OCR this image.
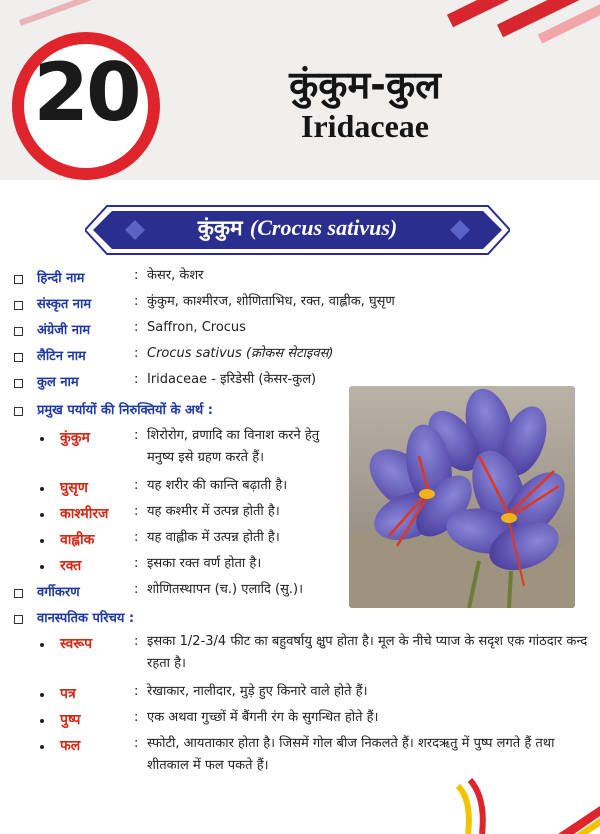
20	कुंकुम-कुल
Iridaceae
कुंकुम (Crocus sativus)
हिन्दी नाम	: केसर, केशर
संस्कृत नाम	: कुंकुम, काश्मीरज, शोणिताभिध, रक्त, वाह्लीक, घुसृण
अंग्रेजी नाम	: Saffron, Crocus
लैटिन नाम	: Crocus sativus (क्रोकस सेटाइवस)
कुल नाम	: Iridaceae - इरिडेसी (केसर-कुल)
प्रमुख पर्यायों की निरुक्तियों के अर्थ :
कुंकुम	: शिरोरोग, व्रणादि का विनाश करने हेतु मनुष्य इसे ग्रहण करते हैं।
घुसृण	: यह शरीर की कान्ति बढ़ाती है।
काश्मीरज : यह कश्मीर में उत्पन्न होती है।
वाह्लीक	: यह वाह्लीक में उत्पन्न होती है।
रक्त	: इसका रक्त वर्ण होता है।
वर्गीकरण	: शोणितस्थापन (च.) एलादि (सु.)।
वानस्पतिक परिचय :
स्वरूप	: इसका 1/2-3/4 फीट का बहुवर्षायु क्षुप होता है। मूल के नीचे प्याज के सदृश एक गांठदार कन्द रहता है।
पत्र	: रेखाकार, नालीदार, मुड़े हुए किनारे वाले होते हैं।
पुष्प	: एक अथवा गुच्छों में बैंगनी रंग के सुगन्धित होते हैं।
फल	: स्फोटी, आयताकार होता है। जिसमें गोल बीज निकलते हैं। शरदऋतु में पुष्प लगते हैं तथा शीतकाल में फल पकते हैं।
